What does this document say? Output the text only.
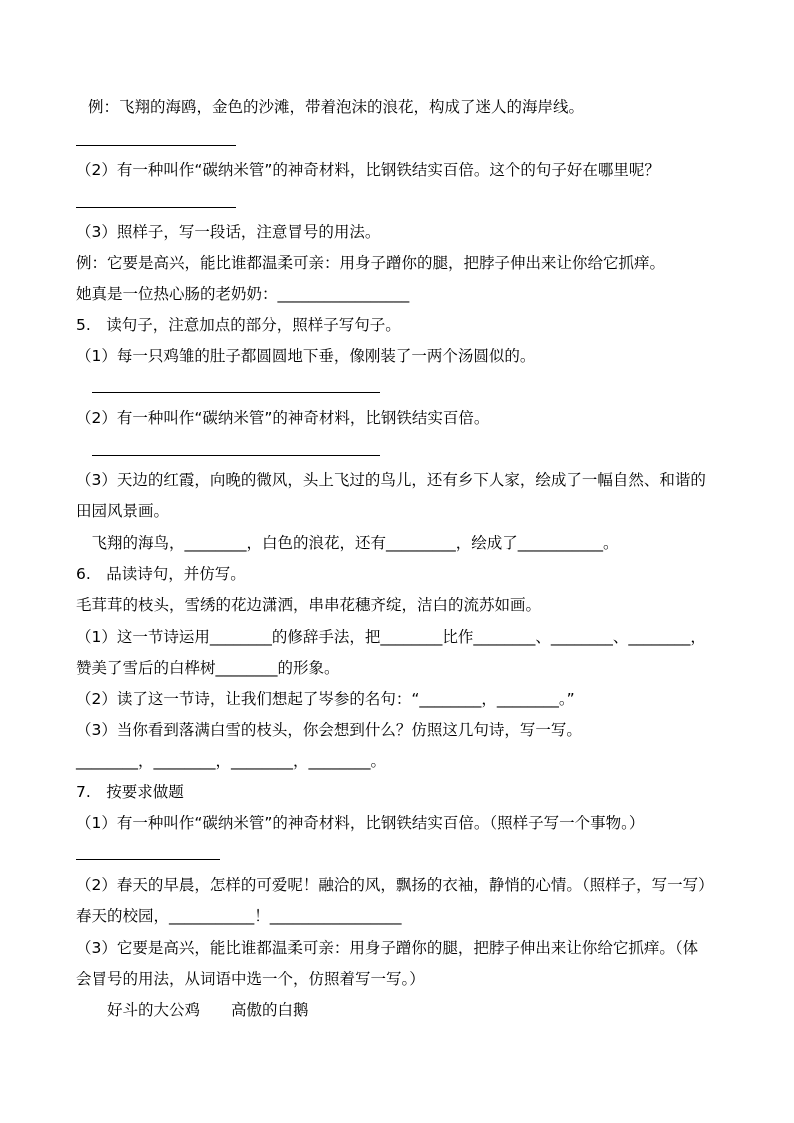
例：飞翔的海鸥，金色的沙滩，带着泡沫的浪花，构成了迷人的海岸线。
（2）有一种叫作“碳纳米管”的神奇材料，比钢铁结实百倍。这个的句子好在哪里呢？
（3）照样子，写一段话，注意冒号的用法。
例：它要是高兴，能比谁都温柔可亲：用身子蹭你的腿，把脖子伸出来让你给它抓痒。
她真是一位热心肠的老奶奶：_________________
5.　读句子，注意加点的部分，照样子写句子。
（1）每一只鸡雏的肚子都圆圆地下垂，像刚装了一两个汤圆似的。
（2）有一种叫作“碳纳米管”的神奇材料，比钢铁结实百倍。
（3）天边的红霞，向晚的微风，头上飞过的鸟儿，还有乡下人家，绘成了一幅自然、和谐的
田园风景画。
　飞翔的海鸟，________，白色的浪花，还有_________，绘成了___________。
6.　品读诗句，并仿写。
毛茸茸的枝头，雪绣的花边潇洒，串串花穗齐绽，洁白的流苏如画。
（1）这一节诗运用________的修辞手法，把________比作________、________、________，
赞美了雪后的白桦树________的形象。
（2）读了这一节诗，让我们想起了岑参的名句：“________，________。”
（3）当你看到落满白雪的枝头，你会想到什么？仿照这几句诗，写一写。
________，________，________，________。
7.　按要求做题
（1）有一种叫作“碳纳米管”的神奇材料，比钢铁结实百倍。（照样子写一个事物。）
（2）春天的早晨，怎样的可爱呢！融洽的风，飘扬的衣袖，静悄的心情。（照样子，写一写）
春天的校园，___________！_________________
（3）它要是高兴，能比谁都温柔可亲：用身子蹭你的腿，把脖子伸出来让你给它抓痒。（体
会冒号的用法，从词语中选一个，仿照着写一写。）
　　好斗的大公鸡　　高傲的白鹅
